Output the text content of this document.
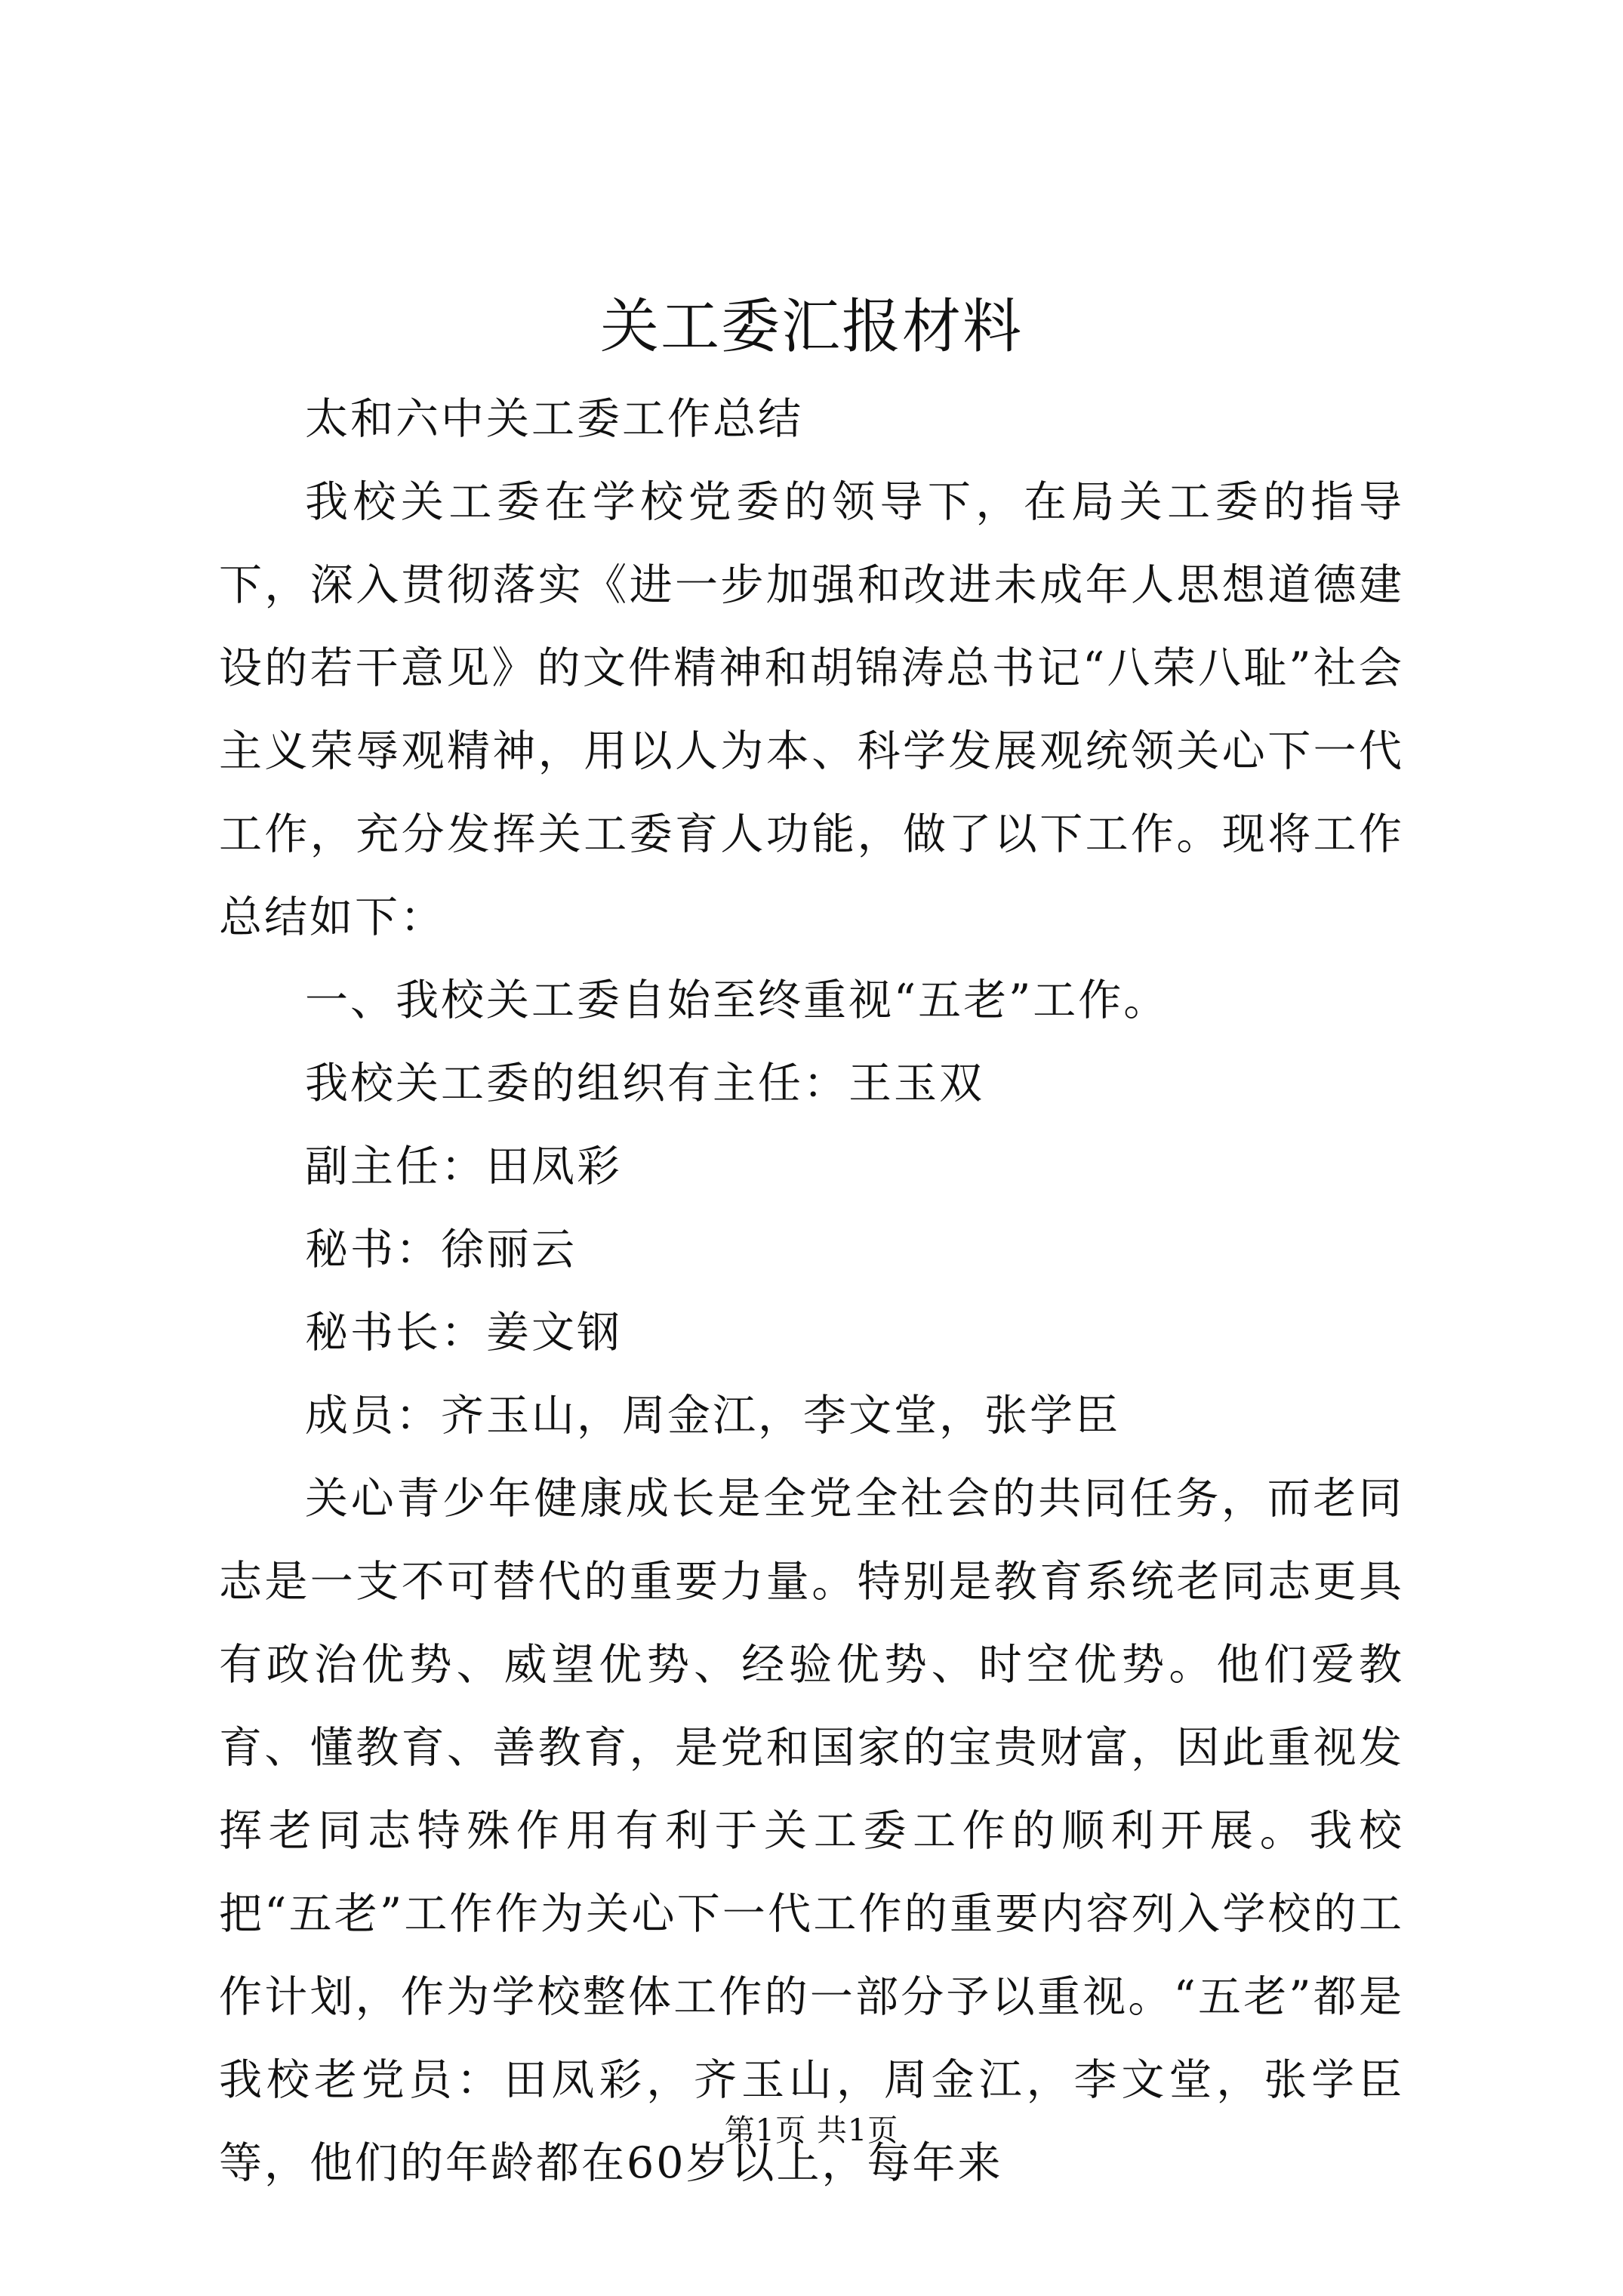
关工委汇报材料

太和六中关工委工作总结

我校关工委在学校党委的领导下，在局关工委的指导下，深入贯彻落实《进一步加强和改进未成年人思想道德建设的若干意见》的文件精神和胡锦涛总书记“八荣八耻”社会主义荣辱观精神，用以人为本、科学发展观统领关心下一代工作，充分发挥关工委育人功能，做了以下工作。现将工作总结如下：

一、我校关工委自始至终重视“五老”工作。

我校关工委的组织有主任：王玉双

副主任：田凤彩

秘书：徐丽云

秘书长：姜文钢

成员：齐玉山，周金江，李文堂，张学臣

关心青少年健康成长是全党全社会的共同任务，而老同志是一支不可替代的重要力量。特别是教育系统老同志更具有政治优势、威望优势、经验优势、时空优势。他们爱教育、懂教育、善教育，是党和国家的宝贵财富，因此重视发挥老同志特殊作用有利于关工委工作的顺利开展。我校把“五老”工作作为关心下一代工作的重要内容列入学校的工作计划，作为学校整体工作的一部分予以重视。“五老”都是我校老党员：田凤彩，齐玉山，周金江，李文堂，张学臣等，他们的年龄都在60岁以上，每年来

第1页 共1页
